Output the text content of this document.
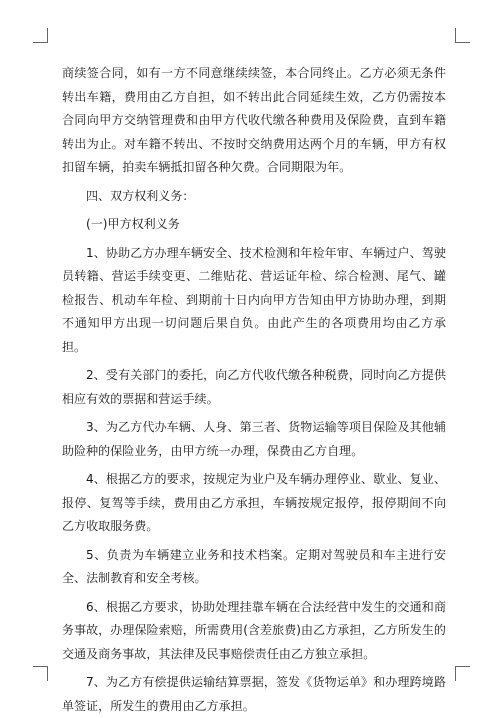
商续签合同，如有一方不同意继续续签，本合同终止。乙方必须无条件转出车籍，费用由乙方自担，如不转出此合同延续生效，乙方仍需按本合同向甲方交纳管理费和由甲方代收代缴各种费用及保险费，直到车籍转出为止。对车籍不转出、不按时交纳费用达两个月的车辆，甲方有权扣留车辆，拍卖车辆抵扣留各种欠费。合同期限为年。

四、双方权利义务：

(一)甲方权利义务

1、协助乙方办理车辆安全、技术检测和年检年审、车辆过户、驾驶员转籍、营运手续变更、二维贴花、营运证年检、综合检测、尾气、罐检报告、机动车年检、到期前十日内向甲方告知由甲方协助办理，到期不通知甲方出现一切问题后果自负。由此产生的各项费用均由乙方承担。

2、受有关部门的委托，向乙方代收代缴各种税费，同时向乙方提供相应有效的票据和营运手续。

3、为乙方代办车辆、人身、第三者、货物运输等项目保险及其他辅助险种的保险业务，由甲方统一办理，保费由乙方自理。

4、根据乙方的要求，按规定为业户及车辆办理停业、歇业、复业、报停、复驾等手续，费用由乙方承担，车辆按规定报停，报停期间不向乙方收取服务费。

5、负责为车辆建立业务和技术档案。定期对驾驶员和车主进行安全、法制教育和安全考核。

6、根据乙方要求，协助处理挂靠车辆在合法经营中发生的交通和商务事故，办理保险索赔，所需费用(含差旅费)由乙方承担，乙方所发生的交通及商务事故，其法律及民事赔偿责任由乙方独立承担。

7、为乙方有偿提供运输结算票据，签发《货物运单》和办理跨境路单签证，所发生的费用由乙方承担。
